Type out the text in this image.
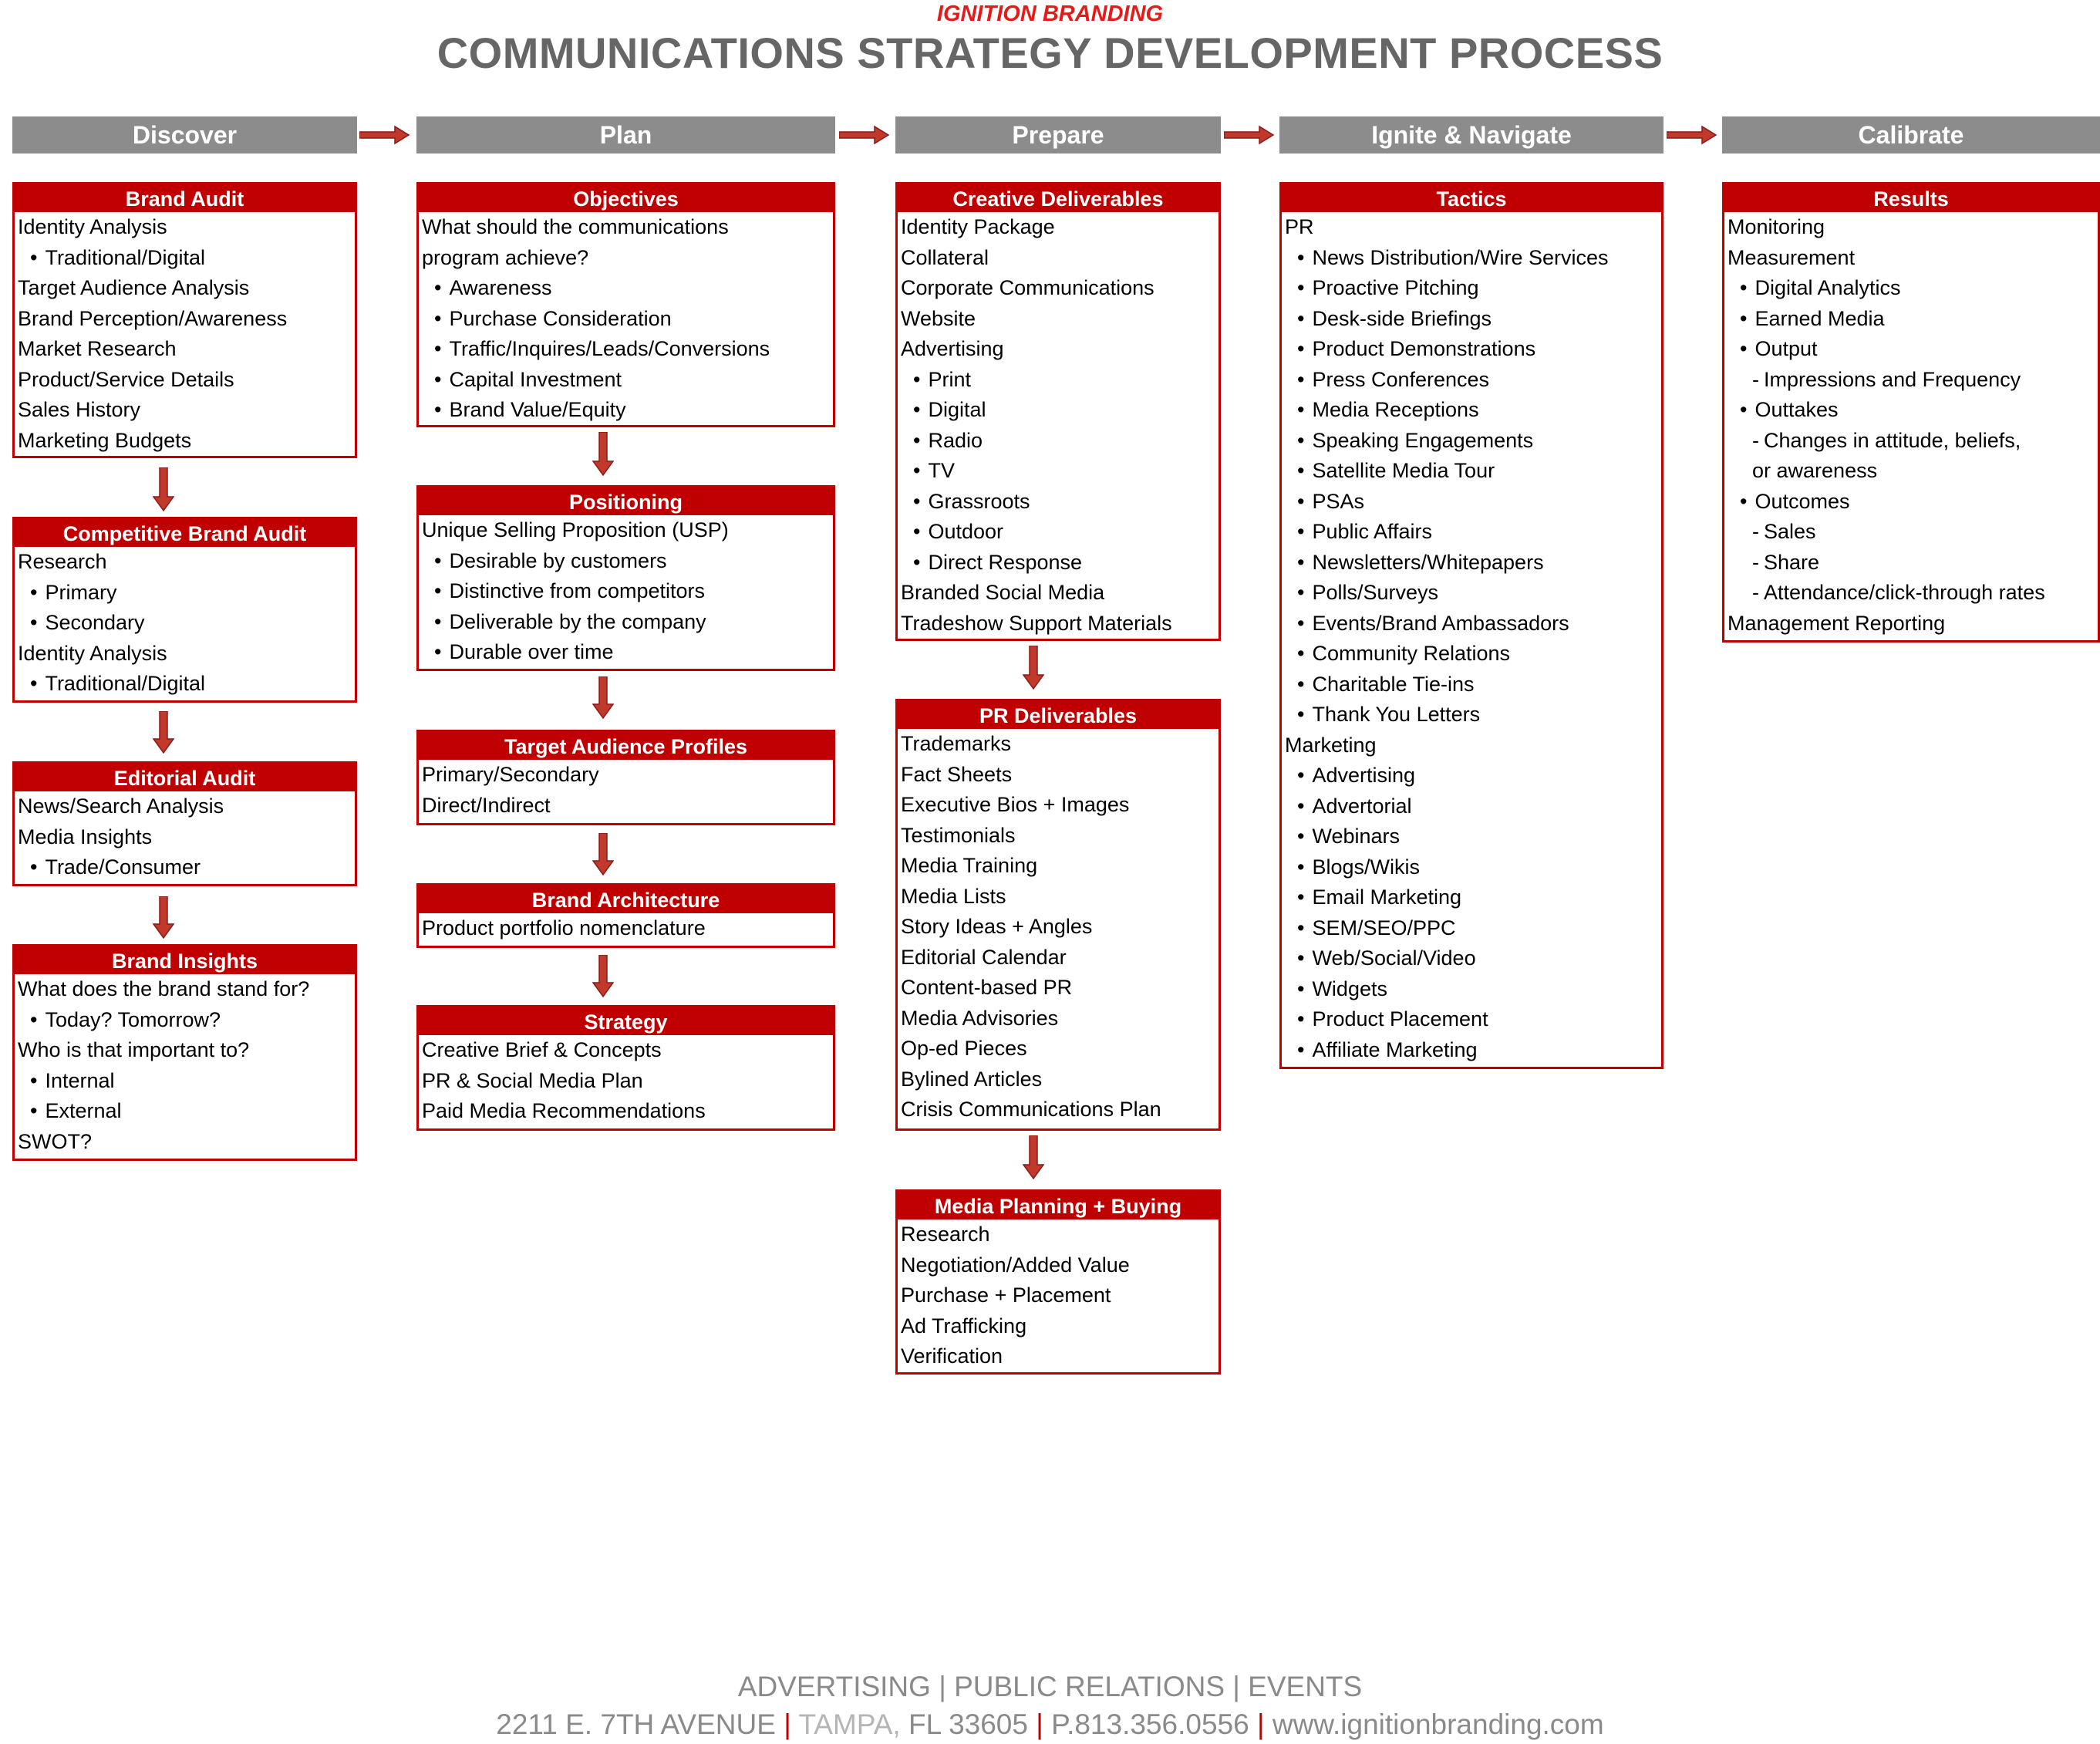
IGNITION BRANDING
COMMUNICATIONS STRATEGY DEVELOPMENT PROCESS
Discover	Plan	Prepare	Ignite & Navigate	Calibrate
Brand Audit
Identity Analysis
• Traditional/Digital
Target Audience Analysis
Brand Perception/Awareness
Market Research
Product/Service Details
Sales History
Marketing Budgets
Competitive Brand Audit
Research
• Primary
• Secondary
Identity Analysis
• Traditional/Digital
Editorial Audit
News/Search Analysis
Media Insights
• Trade/Consumer
Brand Insights
What does the brand stand for?
• Today? Tomorrow?
Who is that important to?
• Internal
• External
SWOT?
Objectives
What should the communications
program achieve?
• Awareness
• Purchase Consideration
• Traffic/Inquires/Leads/Conversions
• Capital Investment
• Brand Value/Equity
Positioning
Unique Selling Proposition (USP)
• Desirable by customers
• Distinctive from competitors
• Deliverable by the company
• Durable over time
Target Audience Profiles
Primary/Secondary
Direct/Indirect
Brand Architecture
Product portfolio nomenclature
Strategy
Creative Brief & Concepts
PR & Social Media Plan
Paid Media Recommendations
Creative Deliverables
Identity Package
Collateral
Corporate Communications
Website
Advertising
• Print
• Digital
• Radio
• TV
• Grassroots
• Outdoor
• Direct Response
Branded Social Media
Tradeshow Support Materials
PR Deliverables
Trademarks
Fact Sheets
Executive Bios + Images
Testimonials
Media Training
Media Lists
Story Ideas + Angles
Editorial Calendar
Content-based PR
Media Advisories
Op-ed Pieces
Bylined Articles
Crisis Communications Plan
Media Planning + Buying
Research
Negotiation/Added Value
Purchase + Placement
Ad Trafficking
Verification
Tactics
PR
• News Distribution/Wire Services
• Proactive Pitching
• Desk-side Briefings
• Product Demonstrations
• Press Conferences
• Media Receptions
• Speaking Engagements
• Satellite Media Tour
• PSAs
• Public Affairs
• Newsletters/Whitepapers
• Polls/Surveys
• Events/Brand Ambassadors
• Community Relations
• Charitable Tie-ins
• Thank You Letters
Marketing
• Advertising
• Advertorial
• Webinars
• Blogs/Wikis
• Email Marketing
• SEM/SEO/PPC
• Web/Social/Video
• Widgets
• Product Placement
• Affiliate Marketing
Results
Monitoring
Measurement
• Digital Analytics
• Earned Media
• Output
- Impressions and Frequency
• Outtakes
- Changes in attitude, beliefs,
or awareness
• Outcomes
- Sales
- Share
- Attendance/click-through rates
Management Reporting
ADVERTISING | PUBLIC RELATIONS | EVENTS
2211 E. 7TH AVENUE | TAMPA, FL 33605 | P.813.356.0556 | www.ignitionbranding.com
